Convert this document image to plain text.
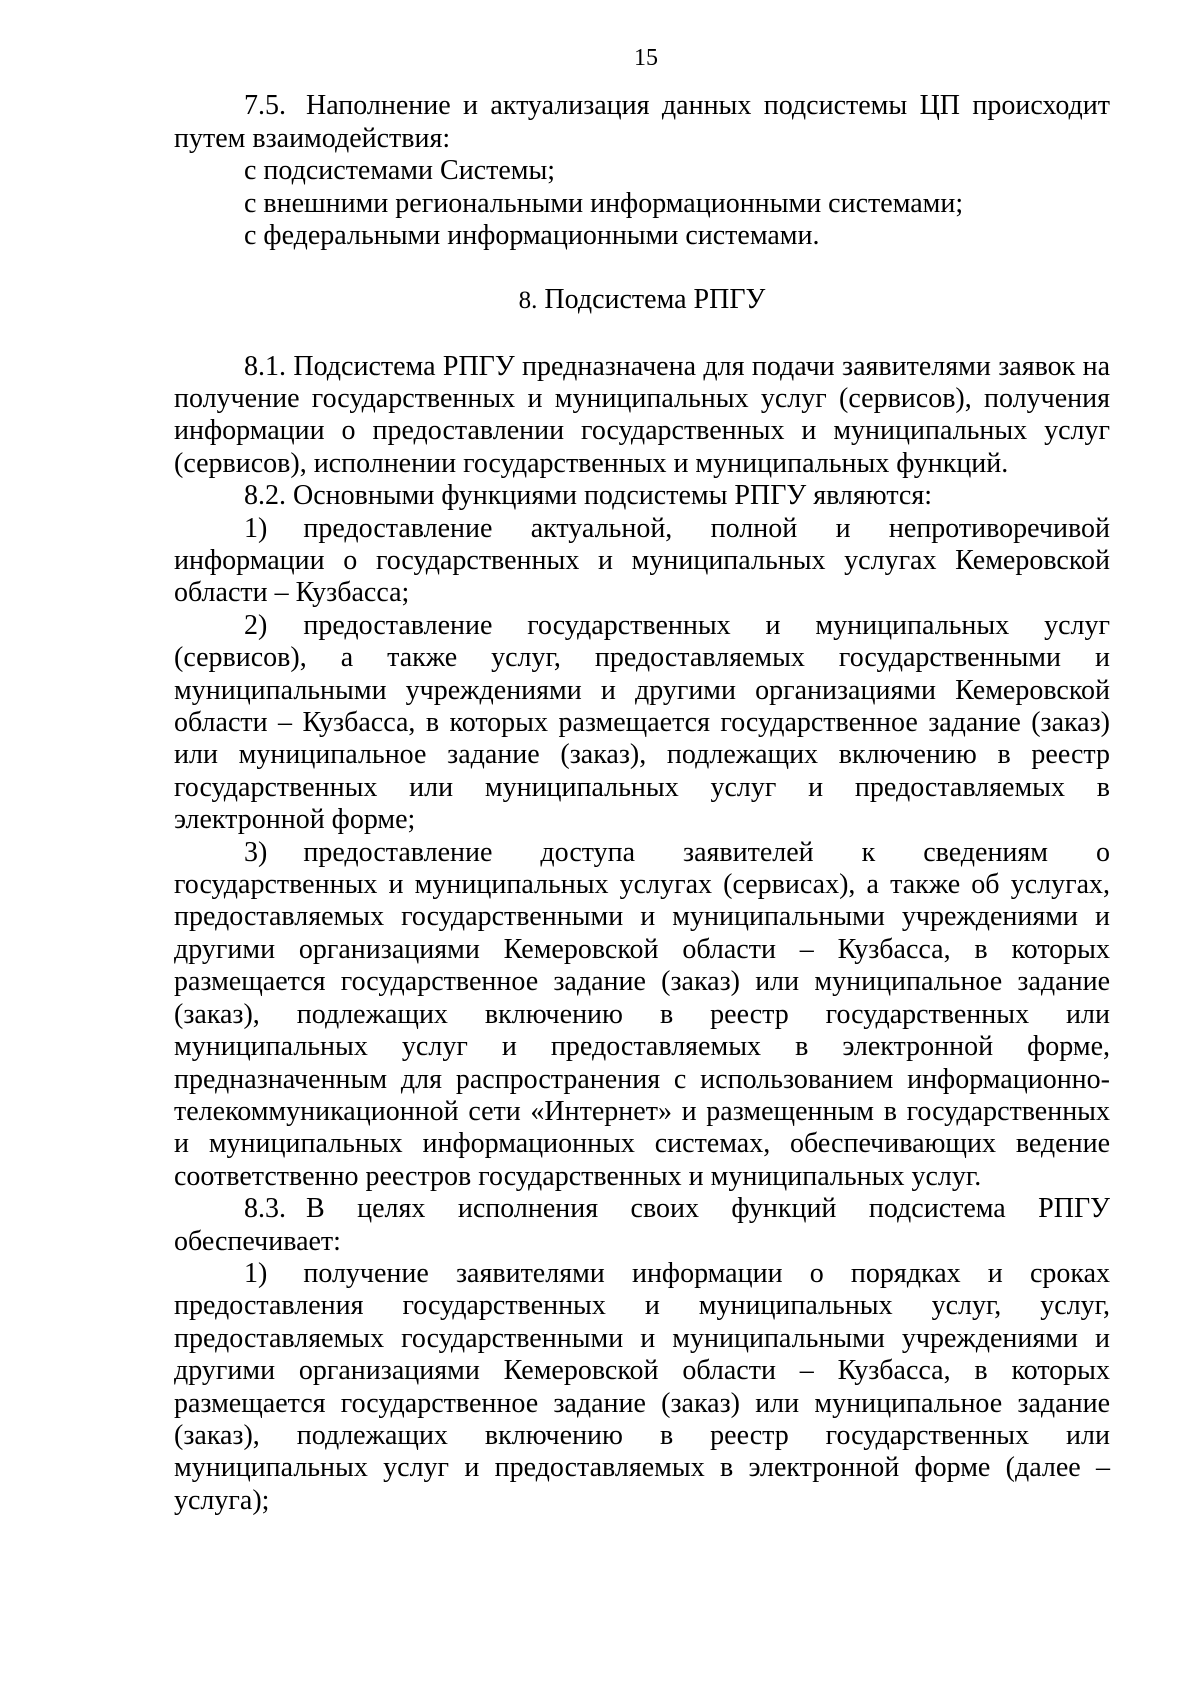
15

7.5. Наполнение и актуализация данных подсистемы ЦП происходит путем взаимодействия:

с подсистемами Системы;

с внешними региональными информационными системами;

с федеральными информационными системами.

8. Подсистема РПГУ

8.1. Подсистема РПГУ предназначена для подачи заявителями заявок на получение государственных и муниципальных услуг (сервисов), получения информации о предоставлении государственных и муниципальных услуг (сервисов), исполнении государственных и муниципальных функций.

8.2. Основными функциями подсистемы РПГУ являются:

1) предоставление актуальной, полной и непротиворечивой информации о государственных и муниципальных услугах Кемеровской области – Кузбасса;

2) предоставление государственных и муниципальных услуг (сервисов), а также услуг, предоставляемых государственными и муниципальными учреждениями и другими организациями Кемеровской области – Кузбасса, в которых размещается государственное задание (заказ) или муниципальное задание (заказ), подлежащих включению в реестр государственных или муниципальных услуг и предоставляемых в электронной форме;

3) предоставление доступа заявителей к сведениям о государственных и муниципальных услугах (сервисах), а также об услугах, предоставляемых государственными и муниципальными учреждениями и другими организациями Кемеровской области – Кузбасса, в которых размещается государственное задание (заказ) или муниципальное задание (заказ), подлежащих включению в реестр государственных или муниципальных услуг и предоставляемых в электронной форме, предназначенным для распространения с использованием информационно-телекоммуникационной сети «Интернет» и размещенным в государственных и муниципальных информационных системах, обеспечивающих ведение соответственно реестров государственных и муниципальных услуг.

8.3. В целях исполнения своих функций подсистема РПГУ обеспечивает:

1) получение заявителями информации о порядках и сроках предоставления государственных и муниципальных услуг, услуг, предоставляемых государственными и муниципальными учреждениями и другими организациями Кемеровской области – Кузбасса, в которых размещается государственное задание (заказ) или муниципальное задание (заказ), подлежащих включению в реестр государственных или муниципальных услуг и предоставляемых в электронной форме (далее – услуга);
